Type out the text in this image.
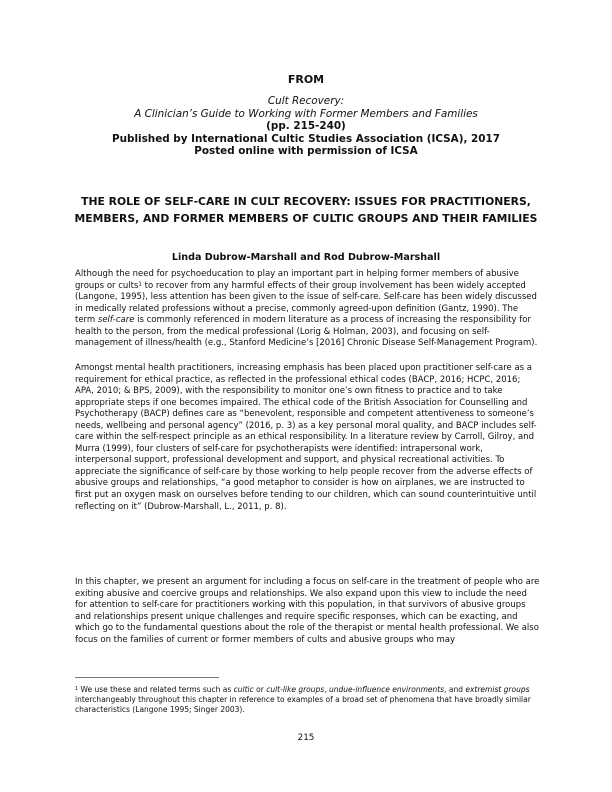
FROM
Cult Recovery:
A Clinician’s Guide to Working with Former Members and Families
(pp. 215-240)
Published by International Cultic Studies Association (ICSA), 2017
Posted online with permission of ICSA
THE ROLE OF SELF-CARE IN CULT RECOVERY: ISSUES FOR PRACTITIONERS, MEMBERS, AND FORMER MEMBERS OF CULTIC GROUPS AND THEIR FAMILIES
Linda Dubrow-Marshall and Rod Dubrow-Marshall

Although the need for psychoeducation to play an important part in helping former members of abusive groups or cults$^1$ to recover from any harmful effects of their group involvement has been widely accepted (Langone, 1995), less attention has been given to the issue of self-care. Self-care has been widely discussed in medically related professions without a precise, commonly agreed-upon definition (Gantz, 1990). The term self-care is commonly referenced in modern literature as a process of increasing the responsibility for health to the person, from the medical professional (Lorig & Holman, 2003), and focusing on self-management of illness/health (e.g., Stanford Medicine’s [2016] Chronic Disease Self-Management Program).

Amongst mental health practitioners, increasing emphasis has been placed upon practitioner self-care as a requirement for ethical practice, as reflected in the professional ethical codes (BACP, 2016; HCPC, 2016; APA, 2010; & BPS, 2009), with the responsibility to monitor one’s own fitness to practice and to take appropriate steps if one becomes impaired. The ethical code of the British Association for Counselling and Psychotherapy (BACP) defines care as “benevolent, responsible and competent attentiveness to someone’s needs, wellbeing and personal agency” (2016, p. 3) as a key personal moral quality, and BACP includes self-care within the self-respect principle as an ethical responsibility. In a literature review by Carroll, Gilroy, and Murra (1999), four clusters of self-care for psychotherapists were identified: intrapersonal work, interpersonal support, professional development and support, and physical recreational activities. To appreciate the significance of self-care by those working to help people recover from the adverse effects of abusive groups and relationships, “a good metaphor to consider is how on airplanes, we are instructed to first put an oxygen mask on ourselves before tending to our children, which can sound counterintuitive until reflecting on it” (Dubrow-Marshall, L., 2011, p. 8).

In this chapter, we present an argument for including a focus on self-care in the treatment of people who are exiting abusive and coercive groups and relationships. We also expand upon this view to include the need for attention to self-care for practitioners working with this population, in that survivors of abusive groups and relationships present unique challenges and require specific responses, which can be exacting, and which go to the fundamental questions about the role of the therapist or mental health professional. We also focus on the families of current or former members of cults and abusive groups who may

$^1$ We use these and related terms such as cultic or cult-like groups, undue-influence environments, and extremist groups interchangeably throughout this chapter in reference to examples of a broad set of phenomena that have broadly similar characteristics (Langone 1995; Singer 2003).

215
